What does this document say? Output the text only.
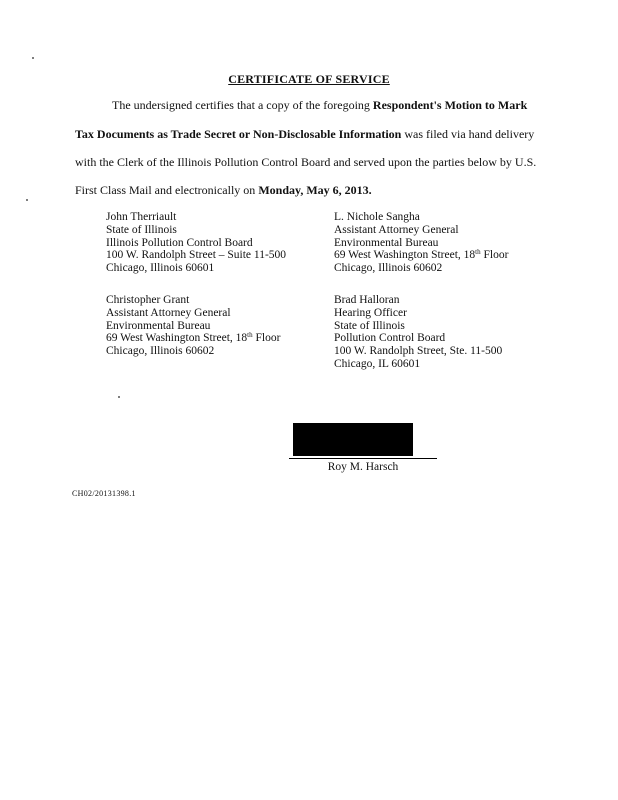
CERTIFICATE OF SERVICE
The undersigned certifies that a copy of the foregoing Respondent's Motion to Mark
Tax Documents as Trade Secret or Non-Disclosable Information was filed via hand delivery
with the Clerk of the Illinois Pollution Control Board and served upon the parties below by U.S.
First Class Mail and electronically on Monday, May 6, 2013.
John Therriault
State of Illinois
Illinois Pollution Control Board
100 W. Randolph Street – Suite 11-500
Chicago, Illinois 60601
L. Nichole Sangha
Assistant Attorney General
Environmental Bureau
69 West Washington Street, 18th Floor
Chicago, Illinois 60602
Christopher Grant
Assistant Attorney General
Environmental Bureau
69 West Washington Street, 18th Floor
Chicago, Illinois 60602
Brad Halloran
Hearing Officer
State of Illinois
Pollution Control Board
100 W. Randolph Street, Ste. 11-500
Chicago, IL 60601
Roy M. Harsch
CH02/20131398.1
